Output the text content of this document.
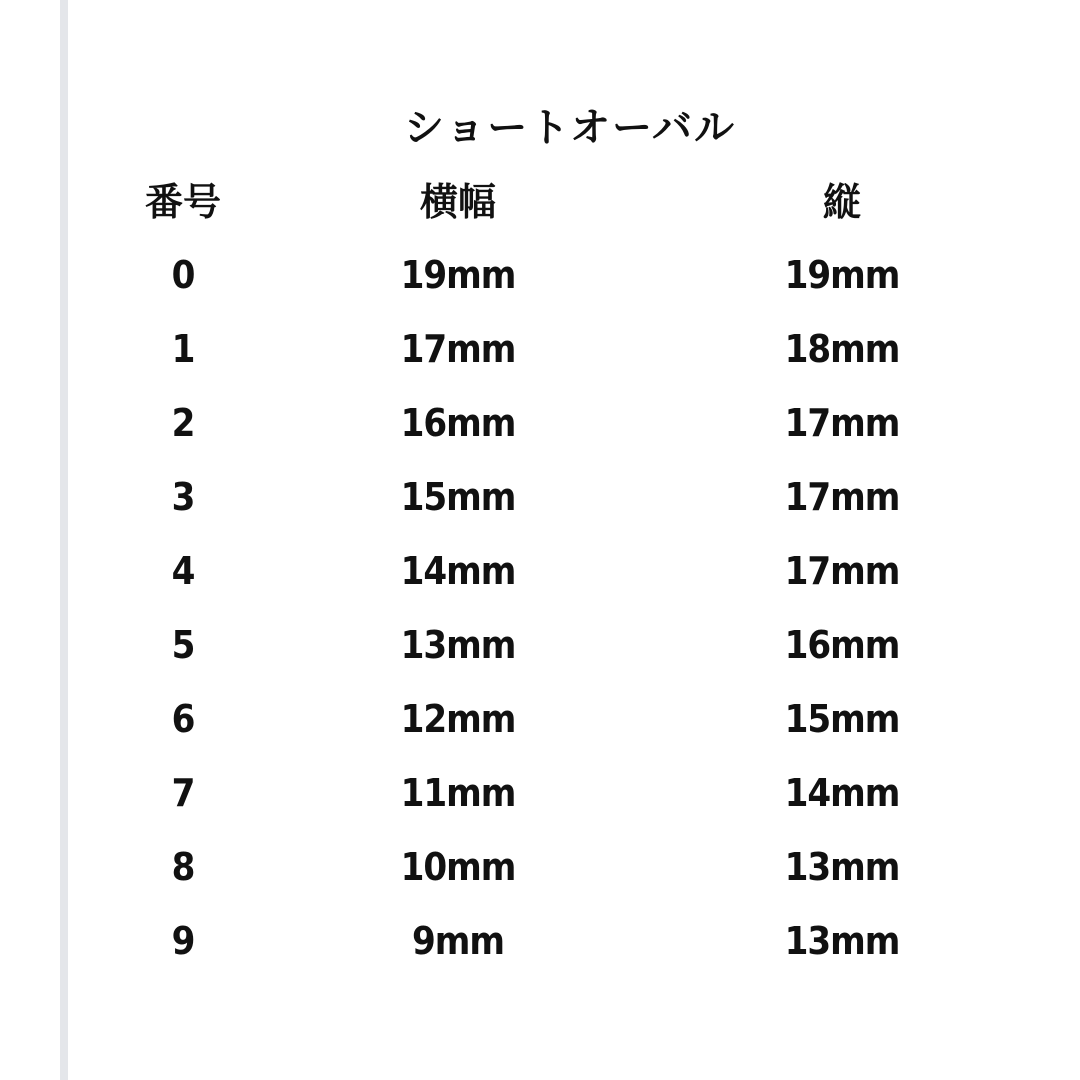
ショートオーバル
番号	横幅	縦
0	19mm	19mm
1	17mm	18mm
2	16mm	17mm
3	15mm	17mm
4	14mm	17mm
5	13mm	16mm
6	12mm	15mm
7	11mm	14mm
8	10mm	13mm
9	9mm	13mm
